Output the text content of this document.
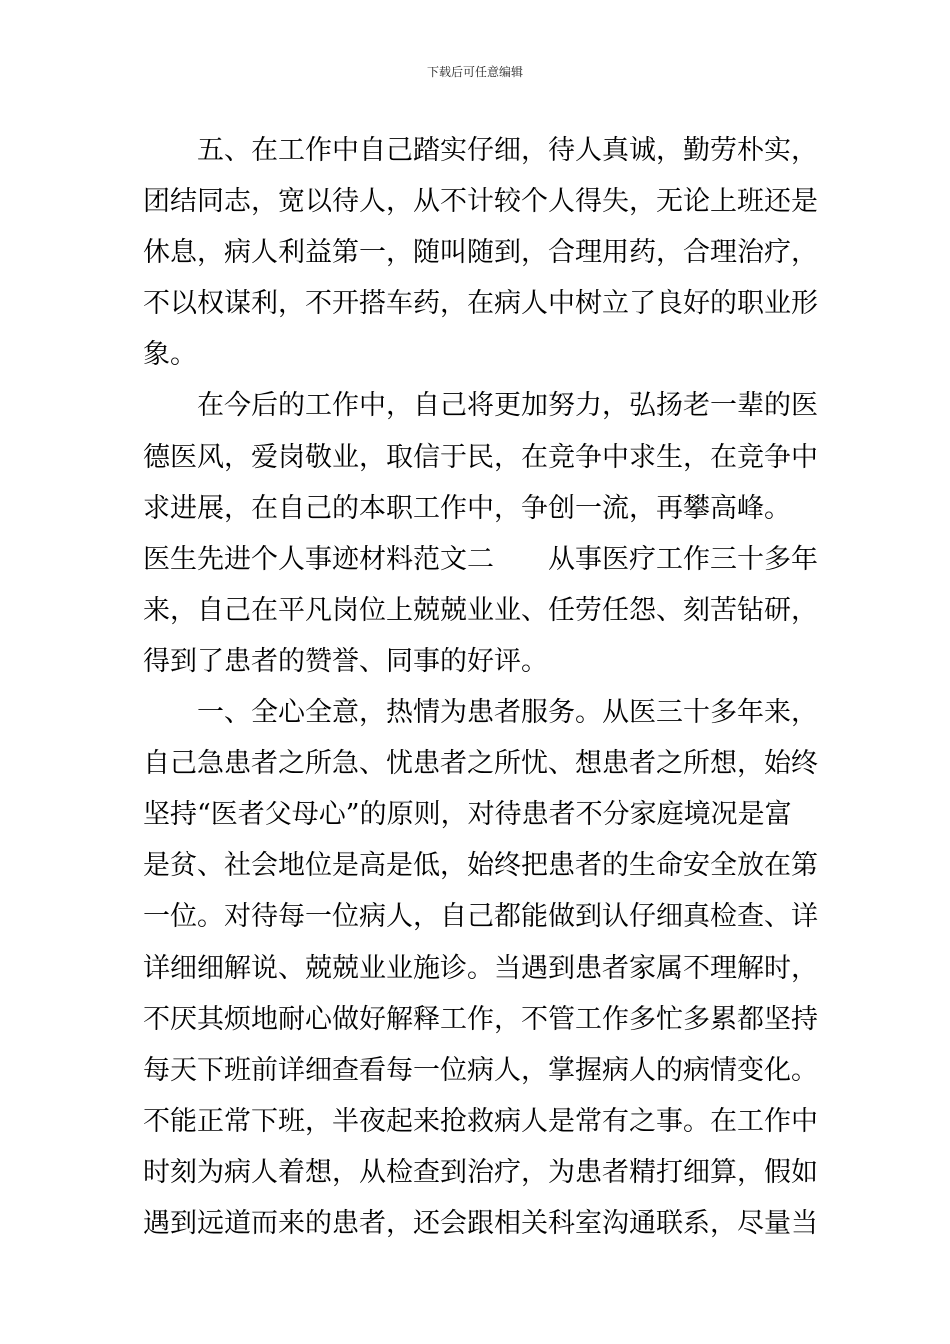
下载后可任意编辑
　　五、在工作中自己踏实仔细，待人真诚，勤劳朴实，
团结同志，宽以待人，从不计较个人得失，无论上班还是
休息，病人利益第一，随叫随到，合理用药，合理治疗，
不以权谋利，不开搭车药，在病人中树立了良好的职业形
象。
　　在今后的工作中，自己将更加努力，弘扬老一辈的医
德医风，爱岗敬业，取信于民，在竞争中求生，在竞争中
求进展，在自己的本职工作中，争创一流，再攀高峰。
医生先进个人事迹材料范文二　　从事医疗工作三十多年
来，自己在平凡岗位上兢兢业业、任劳任怨、刻苦钻研，
得到了患者的赞誉、同事的好评。
　　一、全心全意，热情为患者服务。从医三十多年来，
自己急患者之所急、忧患者之所忧、想患者之所想，始终
坚持“医者父母心”的原则，对待患者不分家庭境况是富
是贫、社会地位是高是低，始终把患者的生命安全放在第
一位。对待每一位病人，自己都能做到认仔细真检查、详
详细细解说、兢兢业业施诊。当遇到患者家属不理解时，
不厌其烦地耐心做好解释工作，不管工作多忙多累都坚持
每天下班前详细查看每一位病人，掌握病人的病情变化。
不能正常下班，半夜起来抢救病人是常有之事。在工作中
时刻为病人着想，从检查到治疗，为患者精打细算，假如
遇到远道而来的患者，还会跟相关科室沟通联系，尽量当
